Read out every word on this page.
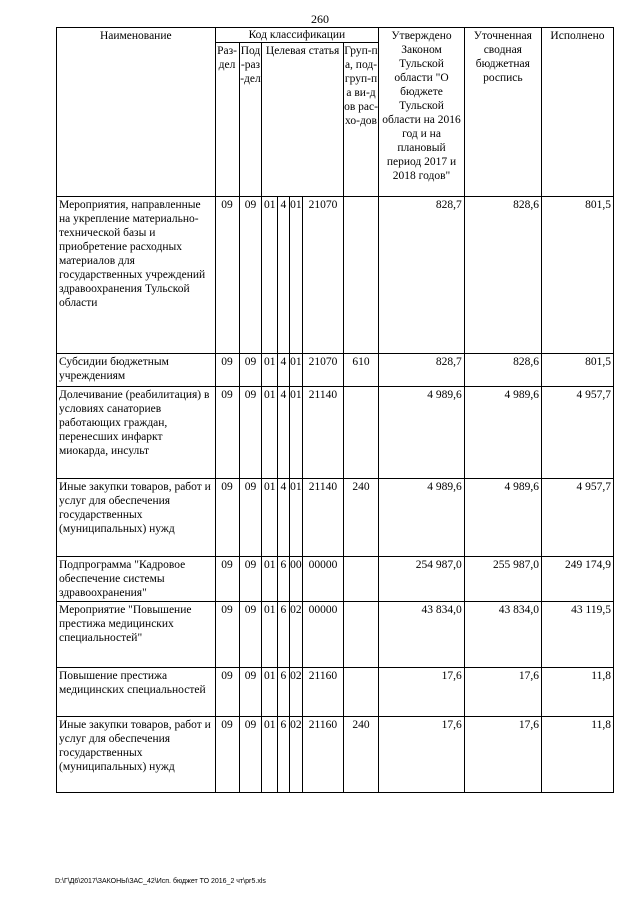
260
Наименование	Код классификации							Утверждено Законом Тульской области "О бюджете Тульской области на 2016 год и на плановый период 2017 и 2018 годов"	Уточненная сводная бюджетная роспись	Исполнено
	Раз-дел	Под-раз-дел	Целевая статья				Груп-па, под-груп-па ви-дов рас-хо-дов			
Мероприятия, направленные на укрепление материально-технической базы и приобретение расходных материалов для государственных учреждений здравоохранения Тульской области	09	09	01	4	01	21070		828,7	828,6	801,5
Субсидии бюджетным учреждениям	09	09	01	4	01	21070	610	828,7	828,6	801,5
Долечивание (реабилитация) в условиях санаториев работающих граждан, перенесших инфаркт миокарда, инсульт	09	09	01	4	01	21140		4 989,6	4 989,6	4 957,7
Иные закупки товаров, работ и услуг для обеспечения государственных (муниципальных) нужд	09	09	01	4	01	21140	240	4 989,6	4 989,6	4 957,7
Подпрограмма "Кадровое обеспечение системы здравоохранения"	09	09	01	6	00	00000		254 987,0	255 987,0	249 174,9
Мероприятие "Повышение престижа медицинских специальностей"	09	09	01	6	02	00000		43 834,0	43 834,0	43 119,5
Повышение престижа медицинских специальностей	09	09	01	6	02	21160		17,6	17,6	11,8
Иные закупки товаров, работ и услуг для обеспечения государственных (муниципальных) нужд	09	09	01	6	02	21160	240	17,6	17,6	11,8
D:\Г\Д6\2017\ЗАКОНЫ\ЗАС_42\Исп. бюджет ТО 2016_2 чт\рг5.xls
